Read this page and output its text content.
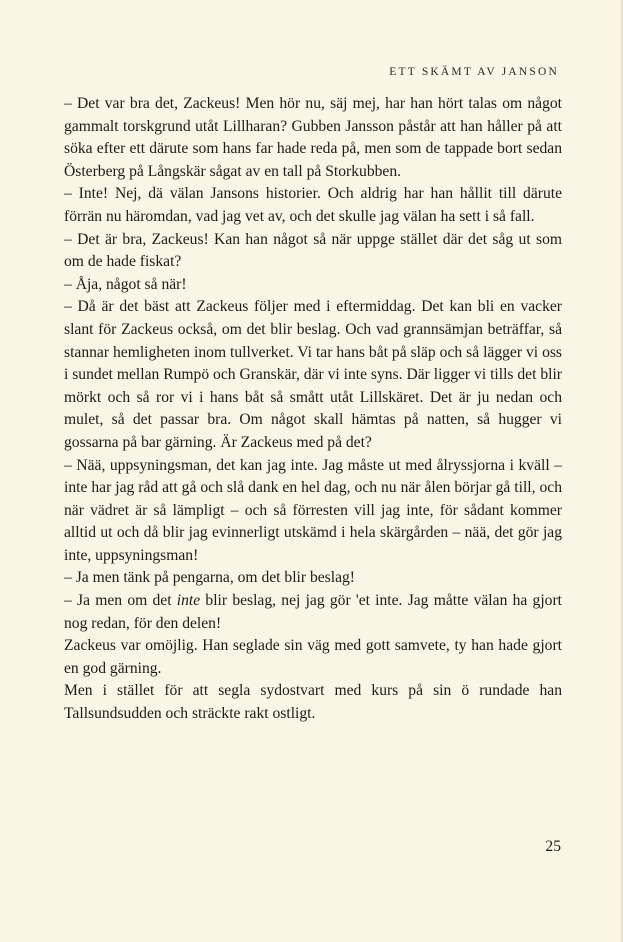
ETT SKÄMT AV JANSON

– Det var bra det, Zackeus! Men hör nu, säj mej, har han hört talas om något gammalt torskgrund utåt Lillharan? Gubben Jansson påstår att han håller på att söka efter ett därute som hans far hade reda på, men som de tappade bort sedan Österberg på Långskär sågat av en tall på Storkubben.

– Inte! Nej, dä välan Jansons historier. Och aldrig har han hållit till därute förrän nu häromdan, vad jag vet av, och det skulle jag välan ha sett i så fall.

– Det är bra, Zackeus! Kan han något så när uppge stället där det såg ut som om de hade fiskat?

– Åja, något så när!

– Då är det bäst att Zackeus följer med i eftermiddag. Det kan bli en vacker slant för Zackeus också, om det blir beslag. Och vad grannsämjan beträffar, så stannar hemligheten inom tullverket. Vi tar hans båt på släp och så lägger vi oss i sundet mellan Rumpö och Granskär, där vi inte syns. Där ligger vi tills det blir mörkt och så ror vi i hans båt så smått utåt Lillskäret. Det är ju nedan och mulet, så det passar bra. Om något skall hämtas på natten, så hugger vi gossarna på bar gärning. Är Zackeus med på det?

– Nää, uppsyningsman, det kan jag inte. Jag måste ut med ålryssjorna i kväll – inte har jag råd att gå och slå dank en hel dag, och nu när ålen börjar gå till, och när vädret är så lämpligt – och så förresten vill jag inte, för sådant kommer alltid ut och då blir jag evinnerligt utskämd i hela skärgården – nää, det gör jag inte, uppsyningsman!

– Ja men tänk på pengarna, om det blir beslag!

– Ja men om det inte blir beslag, nej jag gör 'et inte. Jag måtte välan ha gjort nog redan, för den delen!

Zackeus var omöjlig. Han seglade sin väg med gott samvete, ty han hade gjort en god gärning.

Men i stället för att segla sydostvart med kurs på sin ö rundade han Tallsundsudden och sträckte rakt ostligt.

25
